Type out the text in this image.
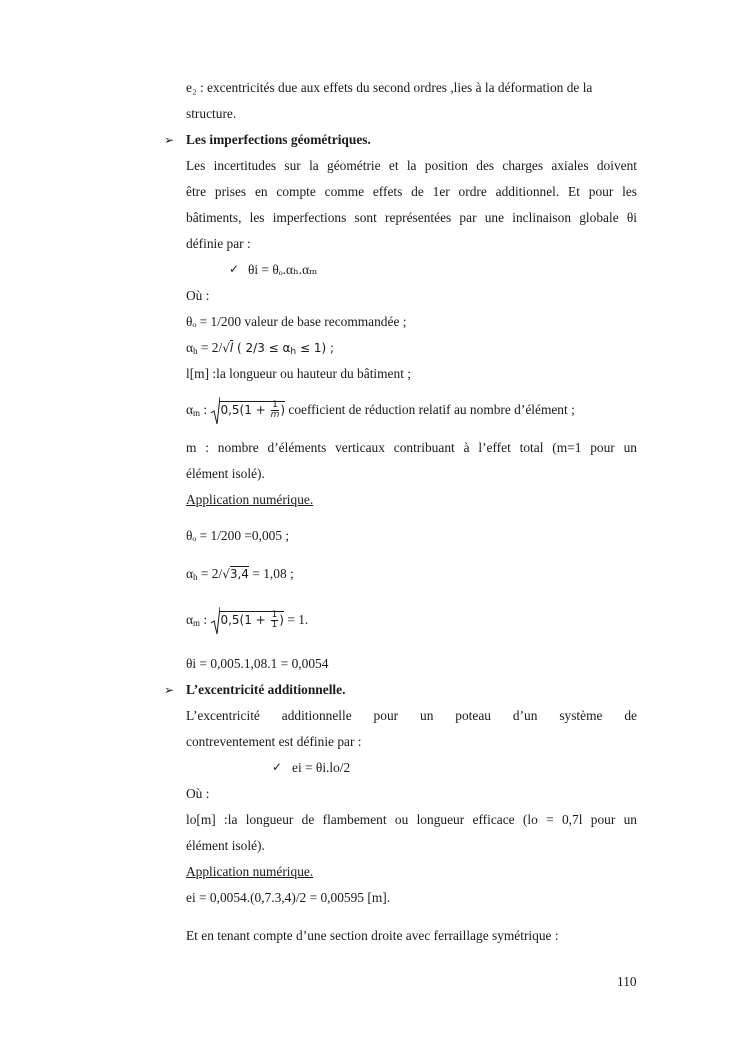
e₂ : excentricités due aux effets du second ordres ,lies à la déformation de la
structure.
➢ Les imperfections géométriques.
Les incertitudes sur la géométrie et la position des charges axiales doivent
être prises en compte comme effets de 1er ordre additionnel. Et pour les
bâtiments, les imperfections sont représentées par une inclinaison globale θi
définie par :
✓ θi = θₒ.αₕ.αₘ
Où :
θₒ = 1/200 valeur de base recommandée ;
$\alpha_h = 2/√l$ ( $2/3 \le \alpha_h \le 1$) ;
l[m] :la longueur ou hauteur du bâtiment ;
$\alpha_m$ : $0,5(1 + \frac{1}{m}$ ) coefficient de réduction relatif au nombre d’élément ;
m : nombre d’éléments verticaux contribuant à l’effet total (m=1 pour un
élément isolé).
Application numérique.
θₒ = 1/200 =0,005 ;
$\alpha_h = 2/√3,4 = 1,08$ ;
$\alpha_m$ : $0,5(1 + \frac{1}{1}$ ) = 1.
θi = 0,005.1,08.1 = 0,0054
➢ L’excentricité additionnelle.
L’excentricité additionnelle pour un poteau d’un système de
contreventement est définie par :
✓ ei = θi.lo/2
Où :
lo[m] :la longueur de flambement ou longueur efficace (lo = 0,7l pour un
élément isolé).
Application numérique.
ei = 0,0054.(0,7.3,4)/2 = 0,00595 [m].
Et en tenant compte d’une section droite avec ferraillage symétrique :
110
